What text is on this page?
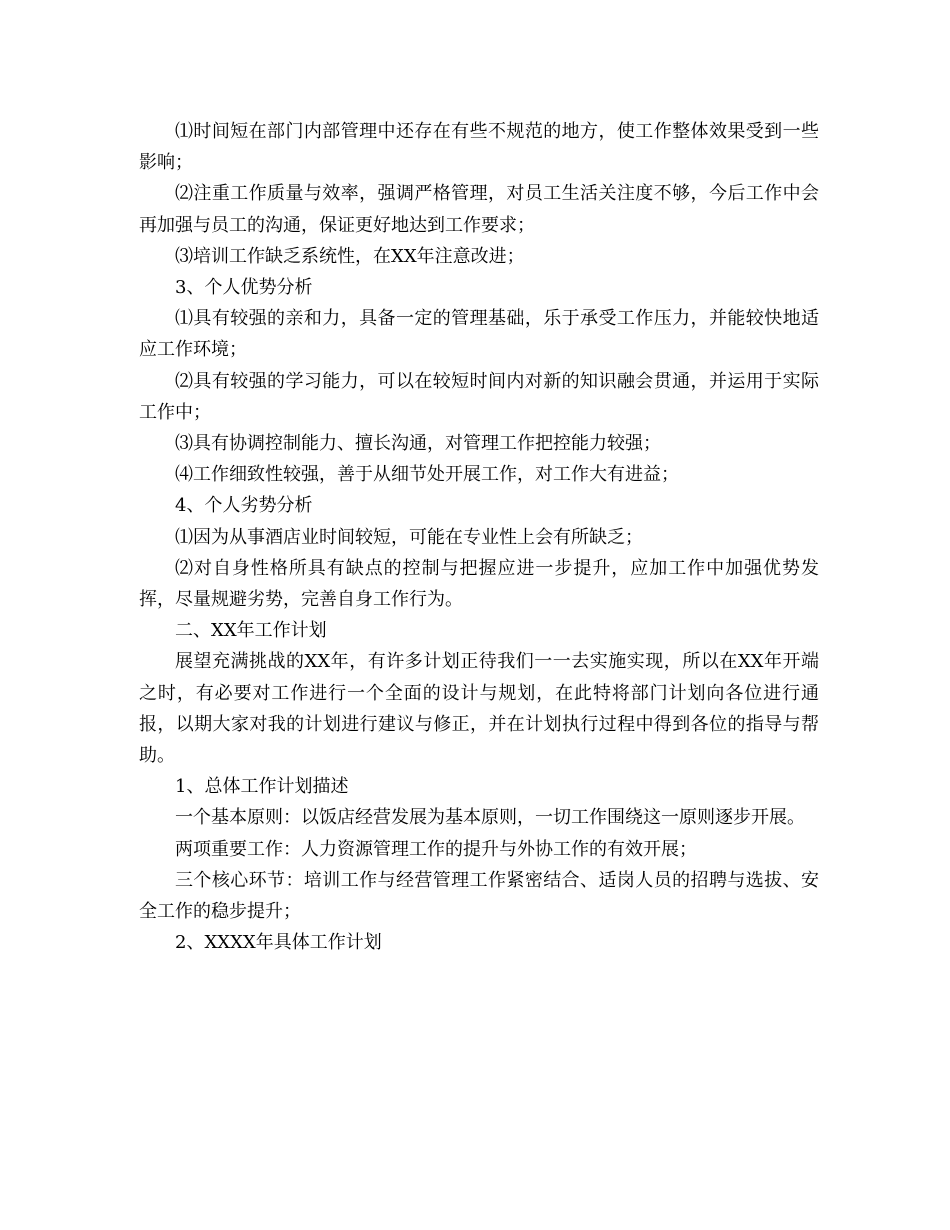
⑴时间短在部门内部管理中还存在有些不规范的地方，使工作整体效果受到一些影响；

⑵注重工作质量与效率，强调严格管理，对员工生活关注度不够，今后工作中会再加强与员工的沟通，保证更好地达到工作要求；

⑶培训工作缺乏系统性，在XX年注意改进；

3、个人优势分析

⑴具有较强的亲和力，具备一定的管理基础，乐于承受工作压力，并能较快地适应工作环境；

⑵具有较强的学习能力，可以在较短时间内对新的知识融会贯通，并运用于实际工作中；

⑶具有协调控制能力、擅长沟通，对管理工作把控能力较强；

⑷工作细致性较强，善于从细节处开展工作，对工作大有进益；

4、个人劣势分析

⑴因为从事酒店业时间较短，可能在专业性上会有所缺乏；

⑵对自身性格所具有缺点的控制与把握应进一步提升，应加工作中加强优势发挥，尽量规避劣势，完善自身工作行为。

二、XX年工作计划

展望充满挑战的XX年，有许多计划正待我们一一去实施实现，所以在XX年开端之时，有必要对工作进行一个全面的设计与规划，在此特将部门计划向各位进行通报，以期大家对我的计划进行建议与修正，并在计划执行过程中得到各位的指导与帮助。

1、总体工作计划描述

一个基本原则：以饭店经营发展为基本原则，一切工作围绕这一原则逐步开展。

两项重要工作：人力资源管理工作的提升与外协工作的有效开展；

三个核心环节：培训工作与经营管理工作紧密结合、适岗人员的招聘与选拔、安全工作的稳步提升；

2、XXXX年具体工作计划
